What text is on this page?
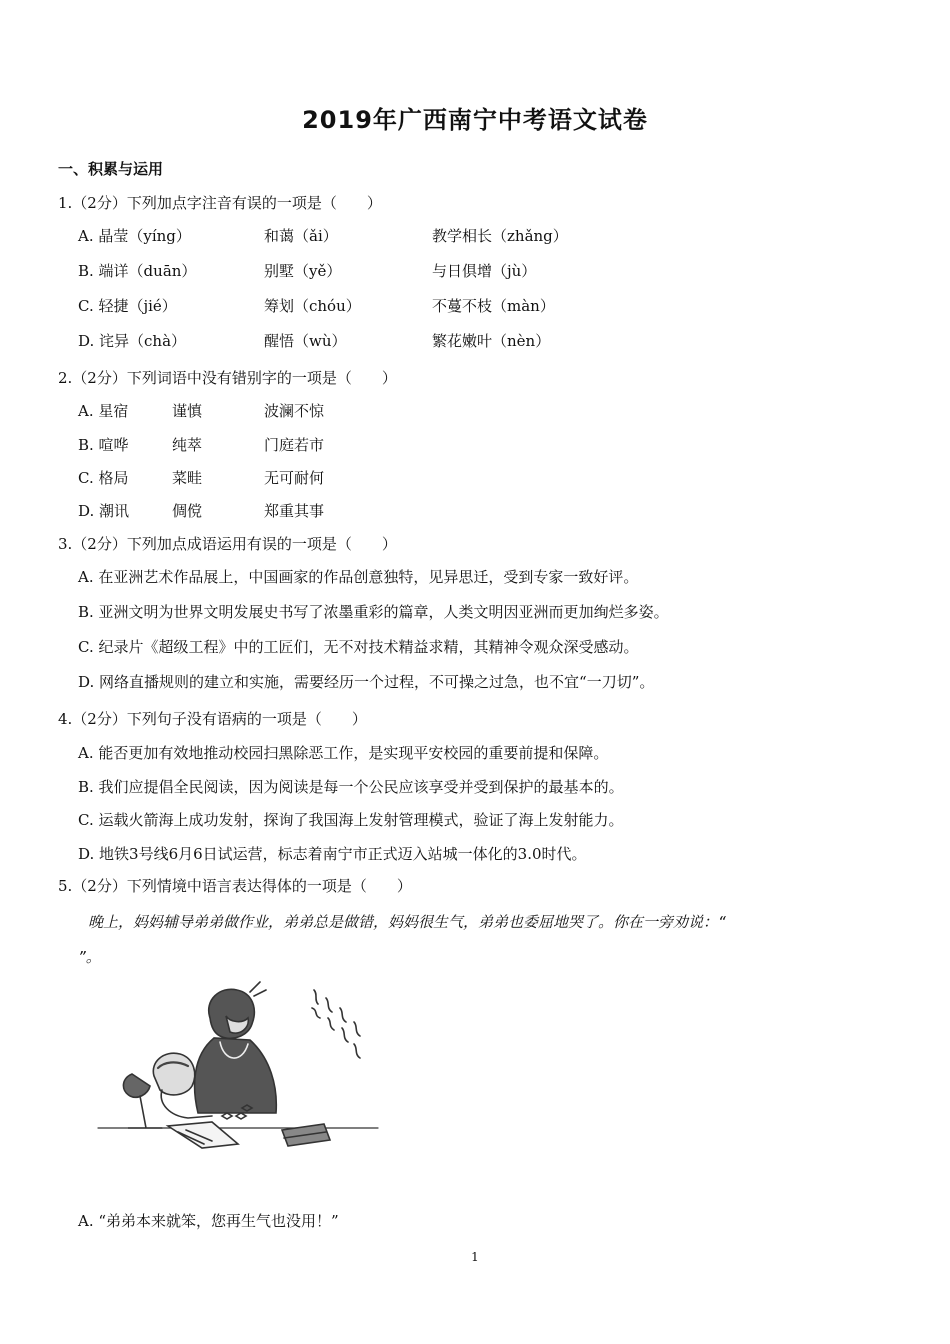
2019年广西南宁中考语文试卷
一、积累与运用
1.（2分）下列加点字注音有误的一项是（　　）
A. 晶莹（yíng）	和蔼（ǎi）	教学相长（zhǎng）
B. 端详（duān）	别墅（yě）	与日俱增（jù）
C. 轻捷（jié）	筹划（chóu）	不蔓不枝（màn）
D. 诧异（chà）	醒悟（wù）	繁花嫩叶（nèn）
2.（2分）下列词语中没有错别字的一项是（　　）
A. 星宿	谨慎	波澜不惊
B. 喧哗	纯萃	门庭若市
C. 格局	菜畦	无可耐何
D. 潮讯	倜傥	郑重其事
3.（2分）下列加点成语运用有误的一项是（　　）
A. 在亚洲艺术作品展上，中国画家的作品创意独特，见异思迁，受到专家一致好评。
B. 亚洲文明为世界文明发展史书写了浓墨重彩的篇章，人类文明因亚洲而更加绚烂多姿。
C. 纪录片《超级工程》中的工匠们，无不对技术精益求精，其精神令观众深受感动。
D. 网络直播规则的建立和实施，需要经历一个过程，不可操之过急，也不宜“一刀切”。
4.（2分）下列句子没有语病的一项是（　　）
A. 能否更加有效地推动校园扫黑除恶工作，是实现平安校园的重要前提和保障。
B. 我们应提倡全民阅读，因为阅读是每一个公民应该享受并受到保护的最基本的。
C. 运载火箭海上成功发射，探询了我国海上发射管理模式，验证了海上发射能力。
D. 地铁3号线6月6日试运营，标志着南宁市正式迈入站城一体化的3.0时代。
5.（2分）下列情境中语言表达得体的一项是（　　）
　　晚上，妈妈辅导弟弟做作业，弟弟总是做错，妈妈很生气，弟弟也委屈地哭了。你在一旁劝说：“
”。
A. “弟弟本来就笨，您再生气也没用！”
1
